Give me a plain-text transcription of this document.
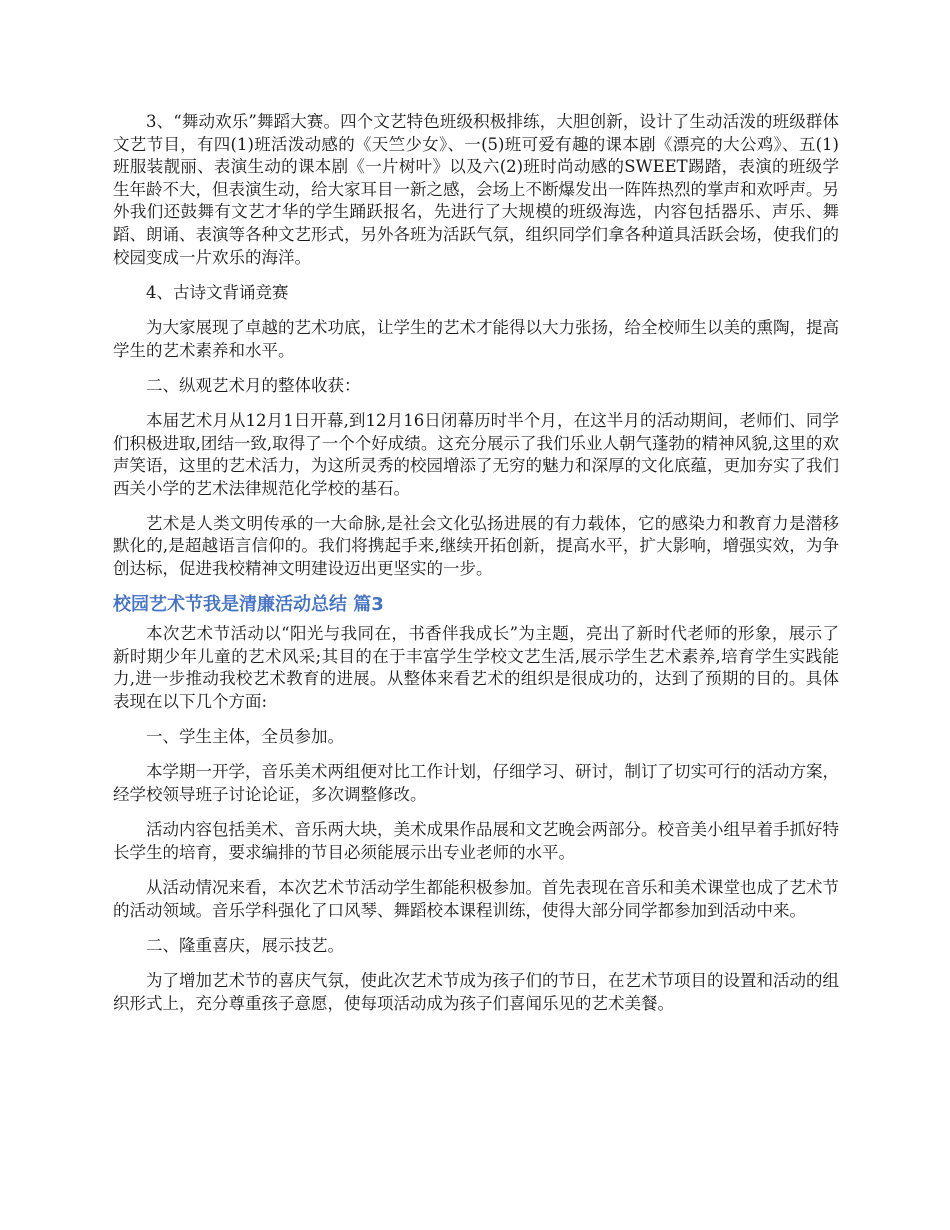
3、“舞动欢乐”舞蹈大赛。四个文艺特色班级积极排练，大胆创新，设计了生动活泼的班级群体文艺节目，有四(1)班活泼动感的《天竺少女》、一(5)班可爱有趣的课本剧《漂亮的大公鸡》、五(1)班服装靓丽、表演生动的课本剧《一片树叶》以及六(2)班时尚动感的SWEET踢踏，表演的班级学生年龄不大，但表演生动，给大家耳目一新之感，会场上不断爆发出一阵阵热烈的掌声和欢呼声。另外我们还鼓舞有文艺才华的学生踊跃报名，先进行了大规模的班级海选，内容包括器乐、声乐、舞蹈、朗诵、表演等各种文艺形式，另外各班为活跃气氛，组织同学们拿各种道具活跃会场，使我们的校园变成一片欢乐的海洋。

4、古诗文背诵竞赛

为大家展现了卓越的艺术功底，让学生的艺术才能得以大力张扬，给全校师生以美的熏陶，提高学生的艺术素养和水平。

二、纵观艺术月的整体收获：

本届艺术月从12月1日开幕,到12月16日闭幕历时半个月，在这半月的活动期间，老师们、同学们积极进取,团结一致,取得了一个个好成绩。这充分展示了我们乐业人朝气蓬勃的精神风貌,这里的欢声笑语，这里的艺术活力，为这所灵秀的校园增添了无穷的魅力和深厚的文化底蕴，更加夯实了我们西关小学的艺术法律规范化学校的基石。

艺术是人类文明传承的一大命脉,是社会文化弘扬进展的有力载体，它的感染力和教育力是潜移默化的,是超越语言信仰的。我们将携起手来,继续开拓创新，提高水平，扩大影响，增强实效，为争创达标，促进我校精神文明建设迈出更坚实的一步。

校园艺术节我是清廉活动总结 篇3

本次艺术节活动以“阳光与我同在，书香伴我成长”为主题，亮出了新时代老师的形象，展示了新时期少年儿童的艺术风采;其目的在于丰富学生学校文艺生活,展示学生艺术素养,培育学生实践能力,进一步推动我校艺术教育的进展。从整体来看艺术的组织是很成功的，达到了预期的目的。具体表现在以下几个方面:

一、学生主体，全员参加。

本学期一开学，音乐美术两组便对比工作计划，仔细学习、研讨，制订了切实可行的活动方案，经学校领导班子讨论论证，多次调整修改。

活动内容包括美术、音乐两大块，美术成果作品展和文艺晚会两部分。校音美小组早着手抓好特长学生的培育，要求编排的节目必须能展示出专业老师的水平。

从活动情况来看，本次艺术节活动学生都能积极参加。首先表现在音乐和美术课堂也成了艺术节的活动领域。音乐学科强化了口风琴、舞蹈校本课程训练，使得大部分同学都参加到活动中来。

二、隆重喜庆，展示技艺。

为了增加艺术节的喜庆气氛，使此次艺术节成为孩子们的节日，在艺术节项目的设置和活动的组织形式上，充分尊重孩子意愿，使每项活动成为孩子们喜闻乐见的艺术美餐。
